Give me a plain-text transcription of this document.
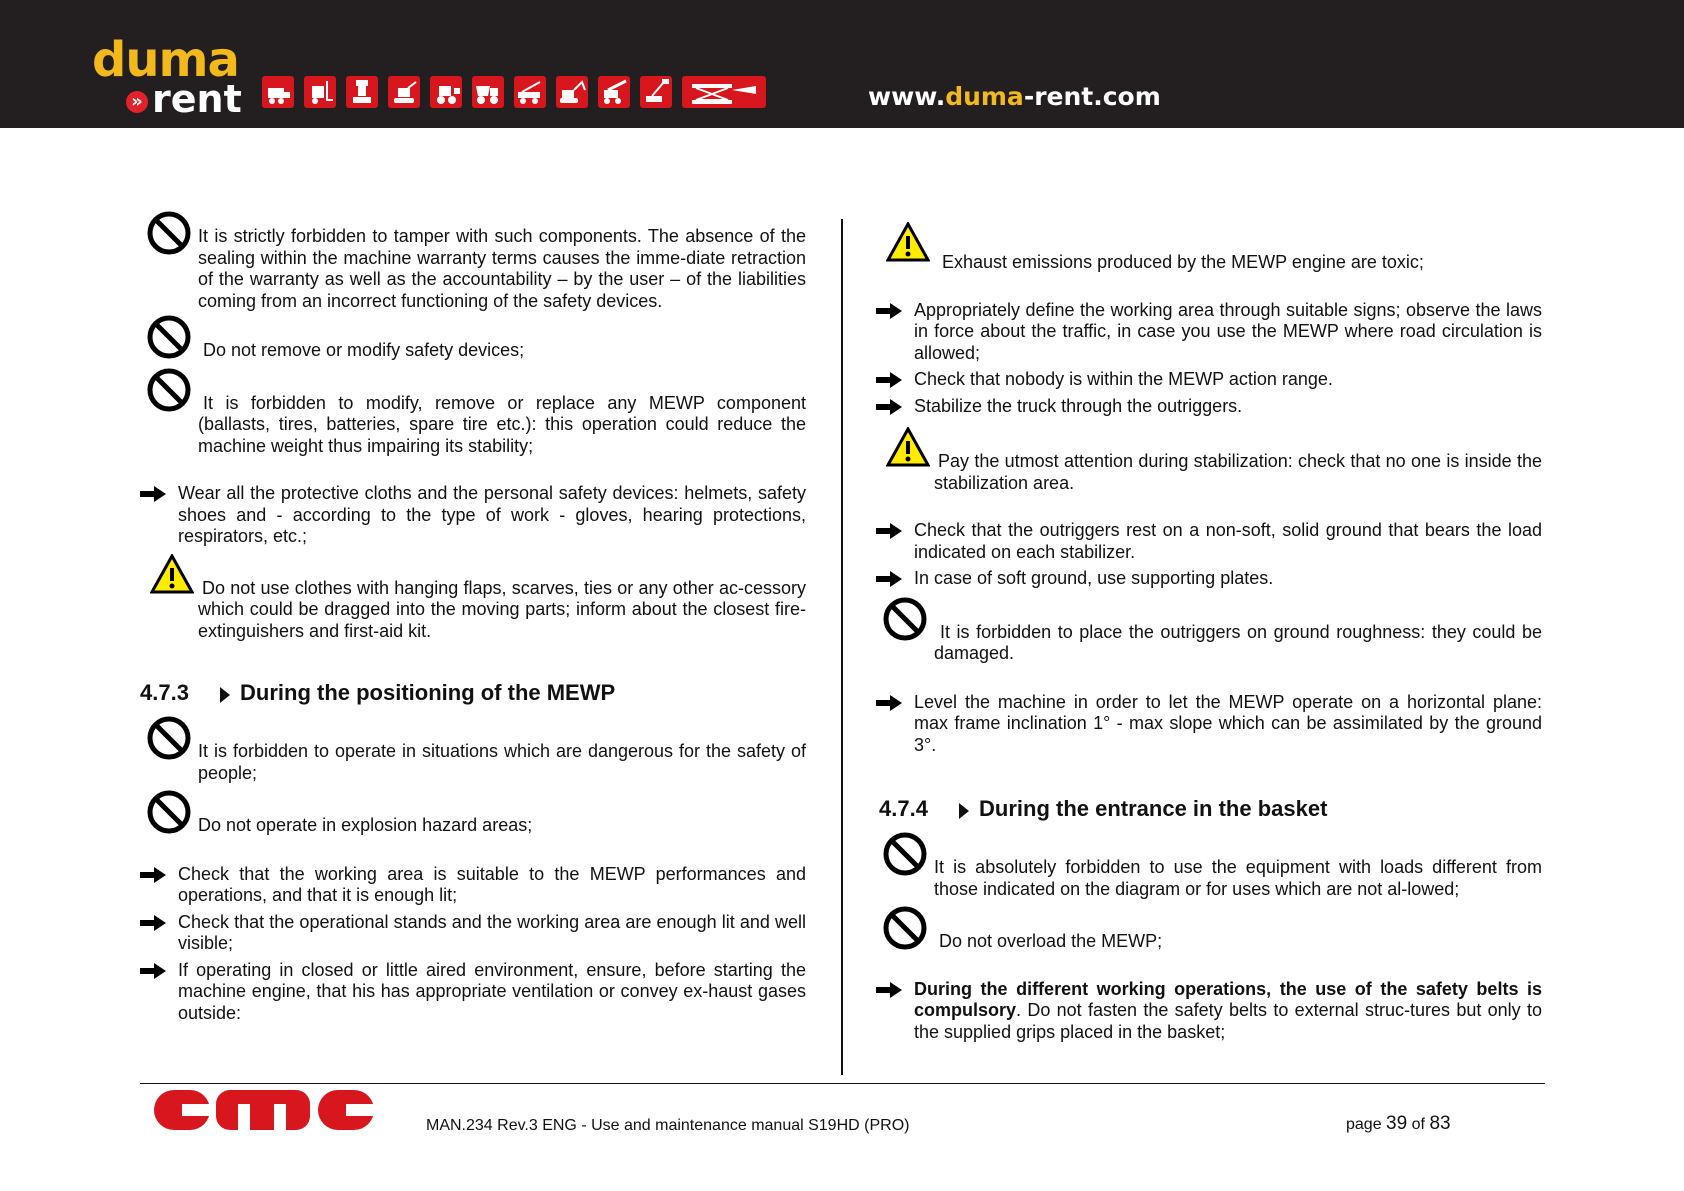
duma
» rent	www.duma-rent.com
It is strictly forbidden to tamper with such components. The absence of the sealing within the machine warranty terms causes the imme-diate retraction of the warranty as well as the accountability – by the user – of the liabilities coming from an incorrect functioning of the safety devices.
Do not remove or modify safety devices;
It is forbidden to modify, remove or replace any MEWP component (ballasts, tires, batteries, spare tire etc.): this operation could reduce the machine weight thus impairing its stability;
Wear all the protective cloths and the personal safety devices: helmets, safety shoes and - according to the type of work - gloves, hearing protections, respirators, etc.;
Do not use clothes with hanging flaps, scarves, ties or any other ac-cessory which could be dragged into the moving parts; inform about the closest fire-extinguishers and first-aid kit.
4.7.3 During the positioning of the MEWP
It is forbidden to operate in situations which are dangerous for the safety of people;
Do not operate in explosion hazard areas;
Check that the working area is suitable to the MEWP performances and operations, and that it is enough lit;
Check that the operational stands and the working area are enough lit and well visible;
If operating in closed or little aired environment, ensure, before starting the machine engine, that his has appropriate ventilation or convey ex-haust gases outside:
Exhaust emissions produced by the MEWP engine are toxic;
Appropriately define the working area through suitable signs; observe the laws in force about the traffic, in case you use the MEWP where road circulation is allowed;
Check that nobody is within the MEWP action range.
Stabilize the truck through the outriggers.
Pay the utmost attention during stabilization: check that no one is inside the stabilization area.
Check that the outriggers rest on a non-soft, solid ground that bears the load indicated on each stabilizer.
In case of soft ground, use supporting plates.
It is forbidden to place the outriggers on ground roughness: they could be damaged.
Level the machine in order to let the MEWP operate on a horizontal plane: max frame inclination 1° - max slope which can be assimilated by the ground 3°.
4.7.4 During the entrance in the basket
It is absolutely forbidden to use the equipment with loads different from those indicated on the diagram or for uses which are not al-lowed;
Do not overload the MEWP;
During the different working operations, the use of the safety belts is compulsory. Do not fasten the safety belts to external struc-tures but only to the supplied grips placed in the basket;
cmc
MAN.234 Rev.3 ENG - Use and maintenance manual S19HD (PRO)	page 39 of 83
